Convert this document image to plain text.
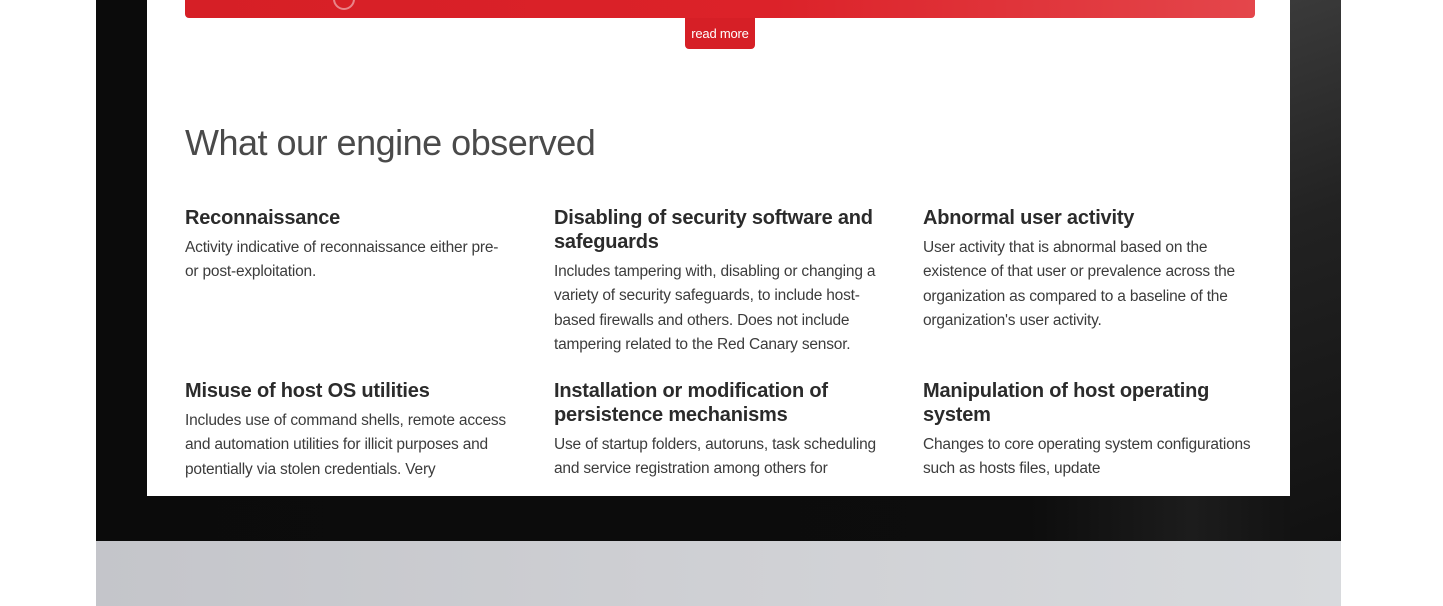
read more
What our engine observed
Reconnaissance

Activity indicative of reconnaissance either pre- or post-exploitation.

Disabling of security software and safeguards

Includes tampering with, disabling or changing a variety of security safeguards, to include host-based firewalls and others. Does not include tampering related to the Red Canary sensor.

Abnormal user activity

User activity that is abnormal based on the existence of that user or prevalence across the organization as compared to a baseline of the organization's user activity.

Misuse of host OS utilities

Includes use of command shells, remote access and automation utilities for illicit purposes and potentially via stolen credentials. Very

Installation or modification of persistence mechanisms

Use of startup folders, autoruns, task scheduling and service registration among others for

Manipulation of host operating system

Changes to core operating system configurations such as hosts files, update
